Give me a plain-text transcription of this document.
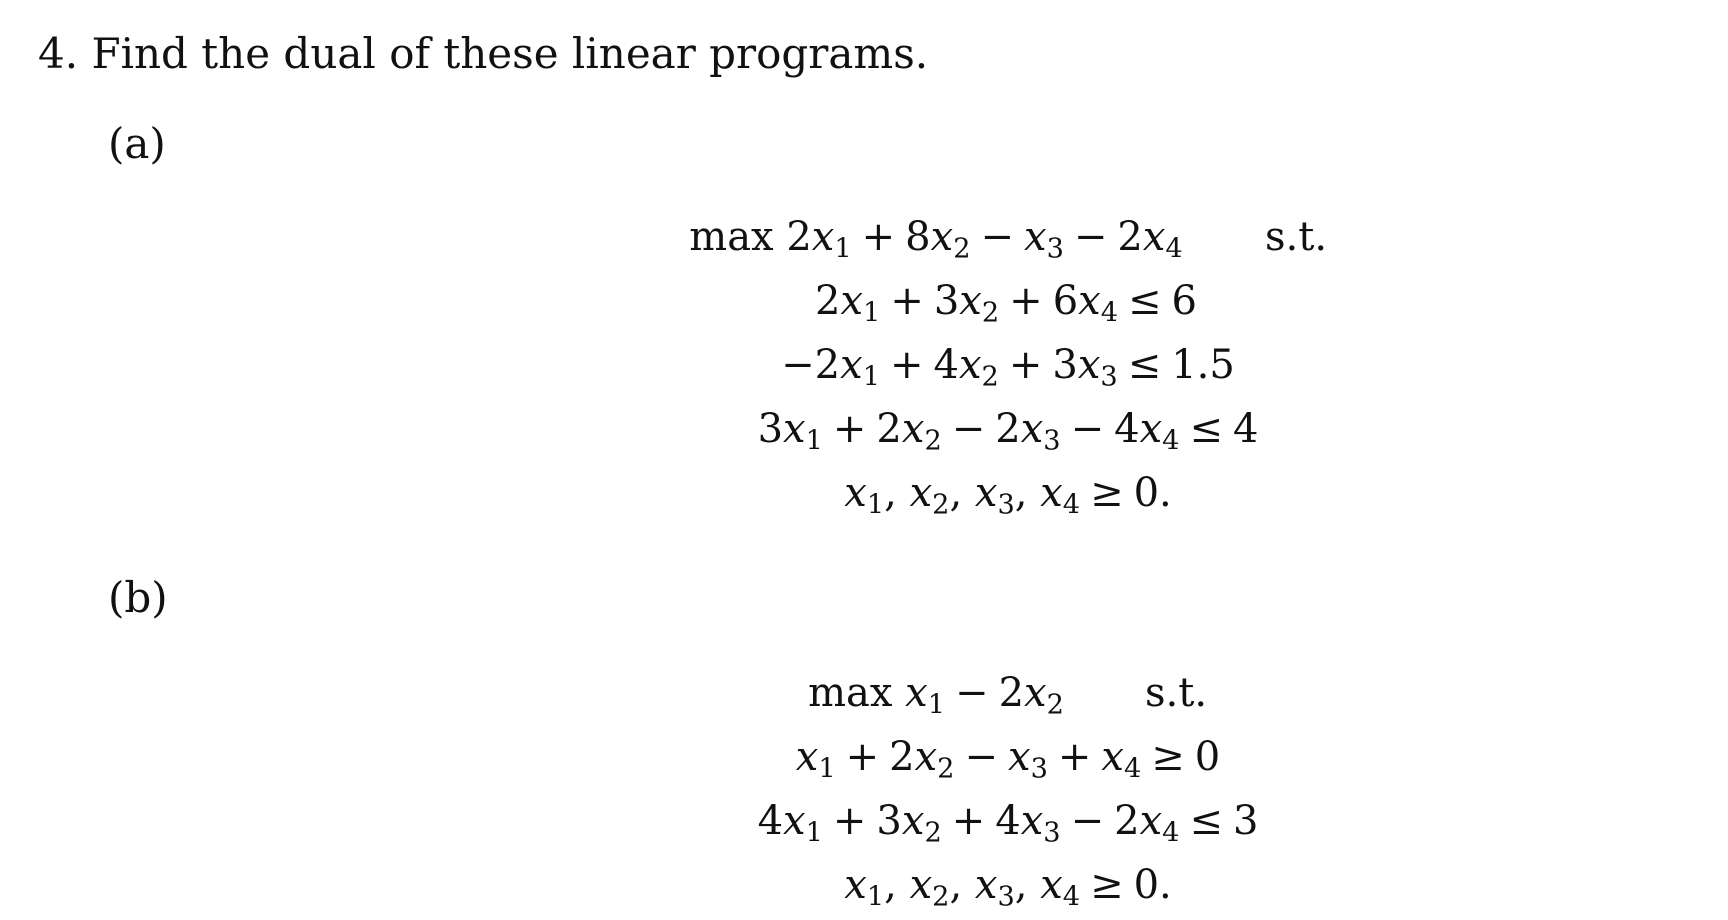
4. Find the dual of these linear programs.
(a)
$\max 2x_1 + 8x_2 - x_3 - 2x_4$ s.t.
$2x_1 + 3x_2 + 6x_4 \le 6$
$-2x_1 + 4x_2 + 3x_3 \le 1.5$
$3x_1 + 2x_2 - 2x_3 - 4x_4 \le 4$
$x_1$, $x_2$, $x_3$, $x_4 \ge 0$.
(b)
$\max x_1 - 2x_2$ s.t.
$x_1 + 2x_2 - x_3 + x_4 \ge 0$
$4x_1 + 3x_2 + 4x_3 - 2x_4 \le 3$
$x_1$, $x_2$, $x_3$, $x_4 \ge 0$.
